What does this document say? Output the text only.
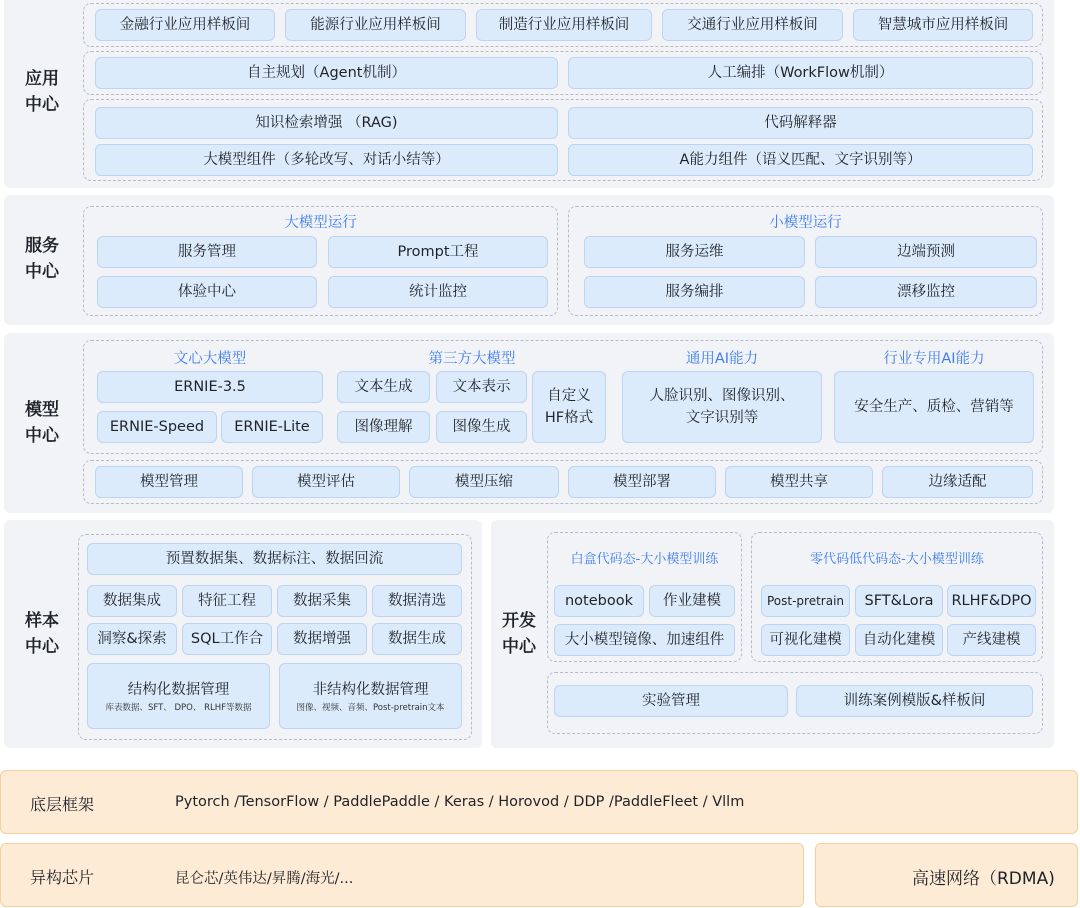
应用
中心
金融行业应用样板间	能源行业应用样板间	制造行业应用样板间	交通行业应用样板间	智慧城市应用样板间
自主规划（Agent机制）	人工编排（WorkFlow机制）
知识检索增强 （RAG)	代码解释器
大模型组件（多轮改写、对话小结等）	A能力组件（语义匹配、文字识别等）
服务
中心
大模型运行
服务管理	Prompt工程
体验中心	统计监控
小模型运行
服务运维	边端预测
服务编排	漂移监控
模型
中心
文心大模型
ERNIE-3.5
ERNIE-Speed	ERNIE-Lite
第三方大模型
文本生成	文本表示
图像理解	图像生成
自定义
HF格式
通用AI能力
人脸识别、图像识别、
文字识别等
行业专用AI能力
安全生产、质检、营销等
模型管理	模型评估	模型压缩	模型部署	模型共享	边缘适配
样本
中心
预置数据集、数据标注、数据回流
数据集成	特征工程	数据采集	数据清选
洞察&探索	SQL工作合	数据增强	数据生成
结构化数据管理
库表数据、SFT、 DPO、 RLHF等数据
非结构化数据管理
图像、视频、音频、Post-pretrain文本
开发
中心
白盒代码态-大小模型训练
notebook	作业建模
大小模型镜像、加速组件
零代码低代码态-大小模型训练
Post-pretrain	SFT&Lora	RLHF&DPO
可视化建模	自动化建模	产线建模
实验管理	训练案例模版&样板间
底层框架	Pytorch /TensorFlow / PaddlePaddle / Keras / Horovod / DDP /PaddleFleet / Vllm
异构芯片	昆仑芯/英伟达/昇腾/海光/...	高速网络（RDMA)
